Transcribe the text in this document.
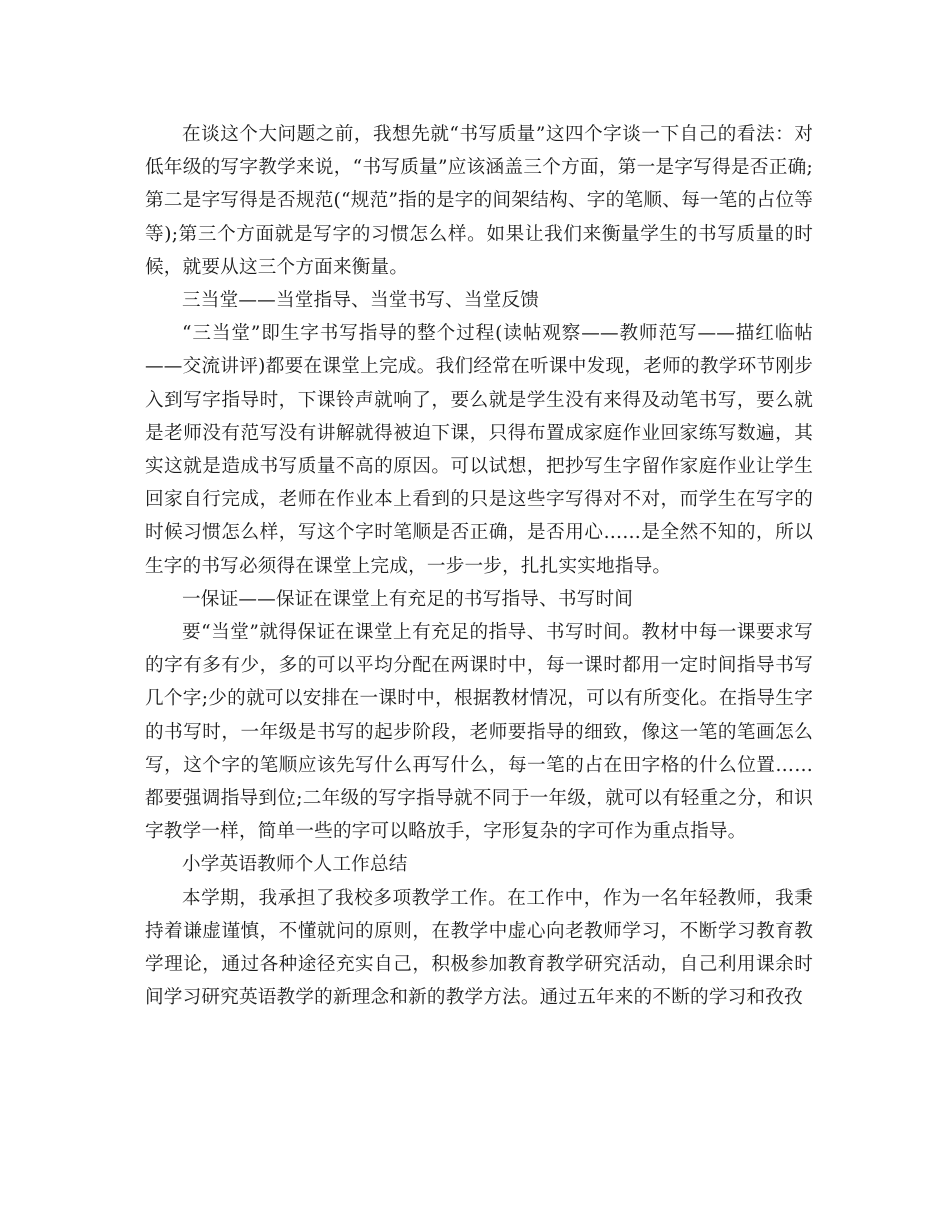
在谈这个大问题之前，我想先就“书写质量”这四个字谈一下自己的看法：对低年级的写字教学来说，“书写质量”应该涵盖三个方面，第一是字写得是否正确;第二是字写得是否规范(“规范”指的是字的间架结构、字的笔顺、每一笔的占位等等);第三个方面就是写字的习惯怎么样。如果让我们来衡量学生的书写质量的时候，就要从这三个方面来衡量。

三当堂——当堂指导、当堂书写、当堂反馈

“三当堂”即生字书写指导的整个过程(读帖观察——教师范写——描红临帖——交流讲评)都要在课堂上完成。我们经常在听课中发现，老师的教学环节刚步入到写字指导时，下课铃声就响了，要么就是学生没有来得及动笔书写，要么就是老师没有范写没有讲解就得被迫下课，只得布置成家庭作业回家练写数遍，其实这就是造成书写质量不高的原因。可以试想，把抄写生字留作家庭作业让学生回家自行完成，老师在作业本上看到的只是这些字写得对不对，而学生在写字的时候习惯怎么样，写这个字时笔顺是否正确，是否用心……是全然不知的，所以生字的书写必须得在课堂上完成，一步一步，扎扎实实地指导。

一保证——保证在课堂上有充足的书写指导、书写时间

要“当堂”就得保证在课堂上有充足的指导、书写时间。教材中每一课要求写的字有多有少，多的可以平均分配在两课时中，每一课时都用一定时间指导书写几个字;少的就可以安排在一课时中，根据教材情况，可以有所变化。在指导生字的书写时，一年级是书写的起步阶段，老师要指导的细致，像这一笔的笔画怎么写，这个字的笔顺应该先写什么再写什么，每一笔的占在田字格的什么位置……都要强调指导到位;二年级的写字指导就不同于一年级，就可以有轻重之分，和识字教学一样，简单一些的字可以略放手，字形复杂的字可作为重点指导。

小学英语教师个人工作总结

本学期，我承担了我校多项教学工作。在工作中，作为一名年轻教师，我秉持着谦虚谨慎，不懂就问的原则，在教学中虚心向老教师学习，不断学习教育教学理论，通过各种途径充实自己，积极参加教育教学研究活动，自己利用课余时间学习研究英语教学的新理念和新的教学方法。通过五年来的不断的学习和孜孜
